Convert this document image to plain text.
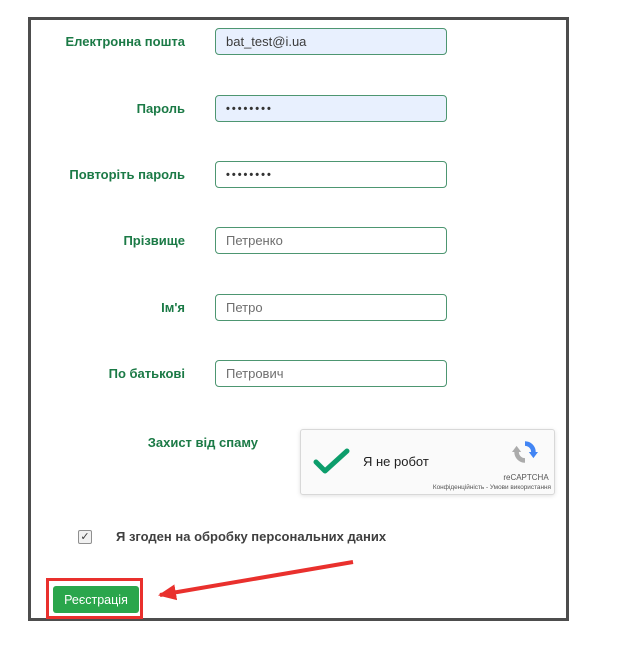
Електронна пошта
bat_test@i.ua
Пароль
••••••••
Повторіть пароль
••••••••
Прізвище
Петренко
Ім'я
Петро
По батькові
Петрович
Захист від спаму
Я не робот
reCAPTCHA
Конфіденційність - Умови використання
✓ Я згоден на обробку персональних даних
Реєстрація
